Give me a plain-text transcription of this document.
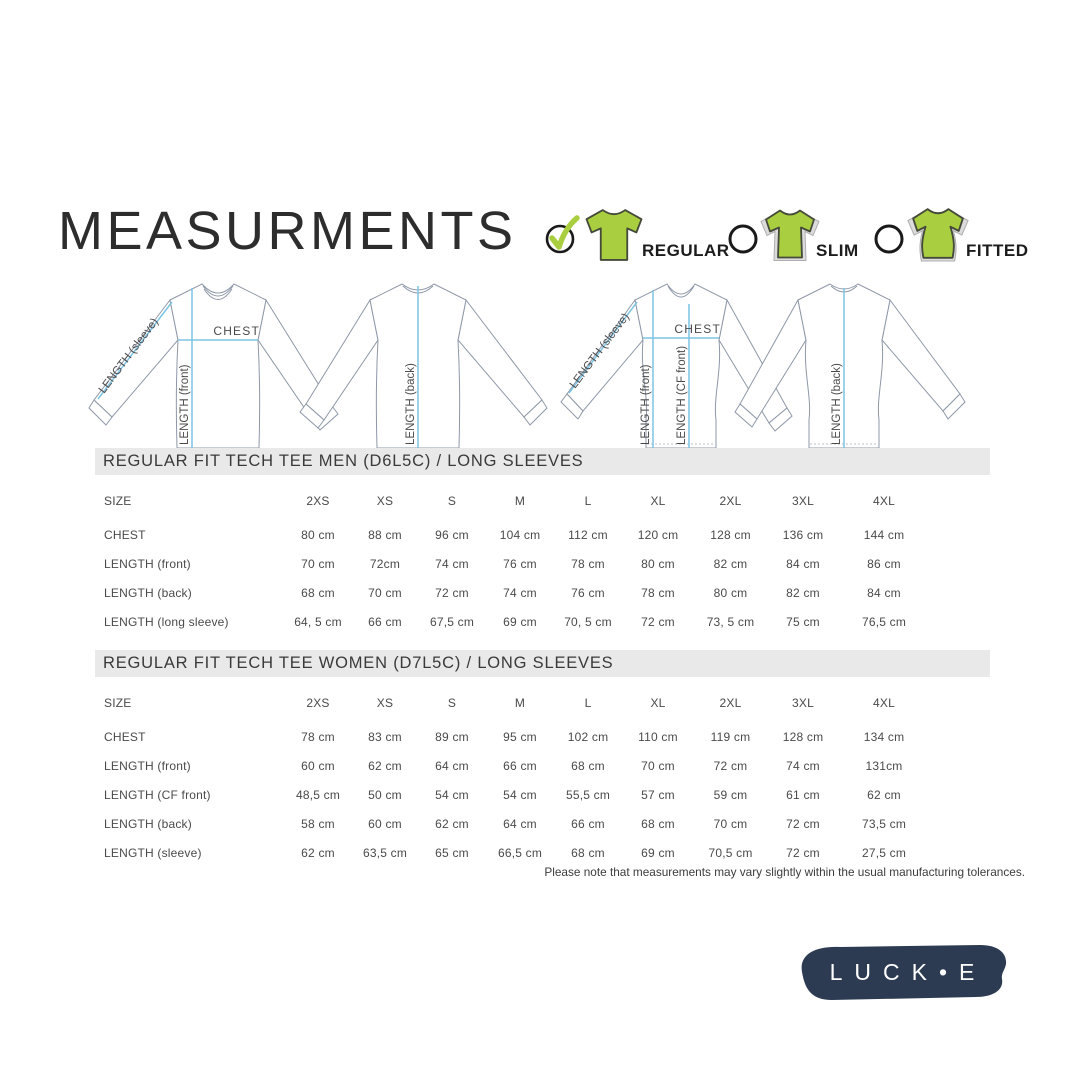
MEASURMENTS	REGULAR	SLIM	FITTED
CHEST
LENGTH (front)
LENGTH (sleeve)
LENGTH (back)
CHEST
LENGTH (front) LENGTH (CF front)
LENGTH (sleeve)
LENGTH (back)
REGULAR FIT TECH TEE MEN (D6L5C) / LONG SLEEVES
SIZE	2XS	XS	S	M	L	XL	2XL	3XL	4XL
CHEST	80 cm	88 cm	96 cm	104 cm	112 cm	120 cm	128 cm	136 cm	144 cm
LENGTH (front)	70 cm	72cm	74 cm	76 cm	78 cm	80 cm	82 cm	84 cm	86 cm
LENGTH (back)	68 cm	70 cm	72 cm	74 cm	76 cm	78 cm	80 cm	82 cm	84 cm
LENGTH (long sleeve)	64, 5 cm	66 cm	67,5 cm	69 cm	70, 5 cm	72 cm	73, 5 cm	75 cm	76,5 cm
REGULAR FIT TECH TEE WOMEN (D7L5C) / LONG SLEEVES
SIZE	2XS	XS	S	M	L	XL	2XL	3XL	4XL
CHEST	78 cm	83 cm	89 cm	95 cm	102 cm	110 cm	119 cm	128 cm	134 cm
LENGTH (front)	60 cm	62 cm	64 cm	66 cm	68 cm	70 cm	72 cm	74 cm	131cm
LENGTH (CF front)	48,5 cm	50 cm	54 cm	54 cm	55,5 cm	57 cm	59 cm	61 cm	62 cm
LENGTH (back)	58 cm	60 cm	62 cm	64 cm	66 cm	68 cm	70 cm	72 cm	73,5 cm
LENGTH (sleeve)	62 cm	63,5 cm	65 cm	66,5 cm	68 cm	69 cm	70,5 cm	72 cm	27,5 cm
Please note that measurements may vary slightly within the usual manufacturing tolerances.
LUCK•E
